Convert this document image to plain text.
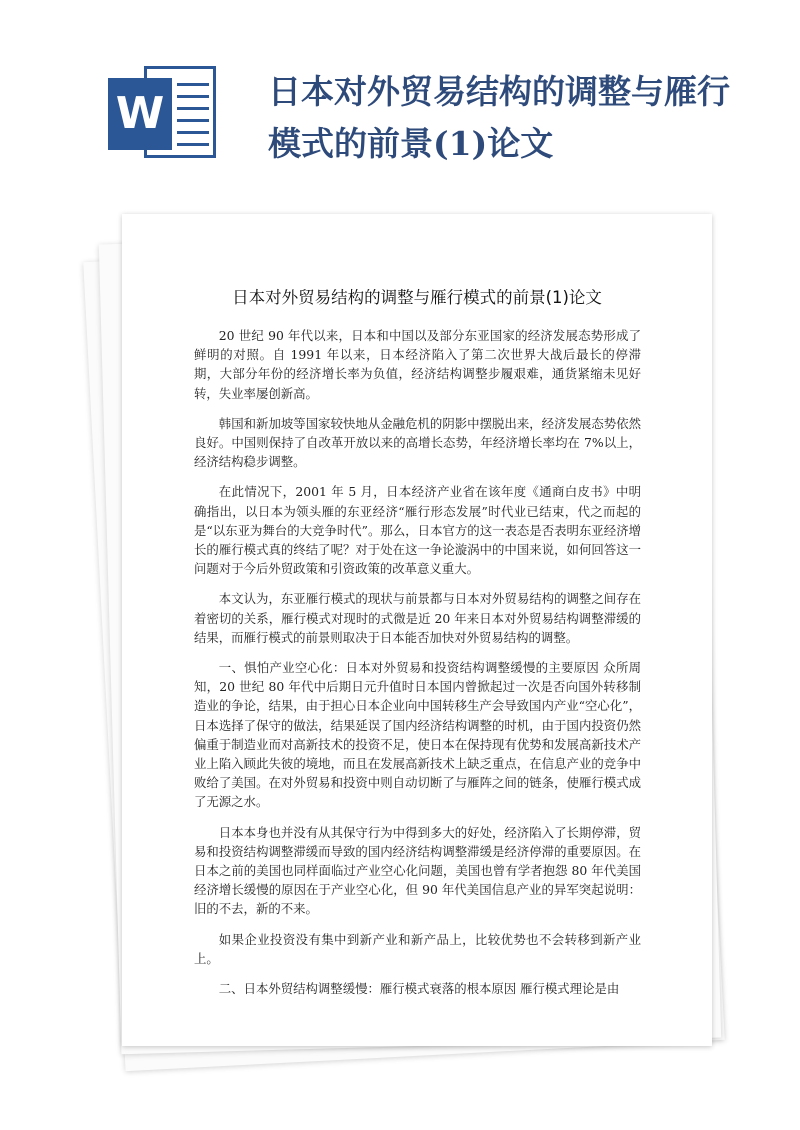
W	日本对外贸易结构的调整与雁行模式的前景(1)论文
日本对外贸易结构的调整与雁行模式的前景(1)论文

20 世纪 90 年代以来，日本和中国以及部分东亚国家的经济发展态势形成了鲜明的对照。自 1991 年以来，日本经济陷入了第二次世界大战后最长的停滞期，大部分年份的经济增长率为负值，经济结构调整步履艰难，通货紧缩未见好转，失业率屡创新高。

韩国和新加坡等国家较快地从金融危机的阴影中摆脱出来，经济发展态势依然良好。中国则保持了自改革开放以来的高增长态势，年经济增长率均在 7%以上，经济结构稳步调整。

在此情况下，2001 年 5 月，日本经济产业省在该年度《通商白皮书》中明确指出，以日本为领头雁的东亚经济“雁行形态发展”时代业已结束，代之而起的是“以东亚为舞台的大竞争时代”。那么，日本官方的这一表态是否表明东亚经济增长的雁行模式真的终结了呢？对于处在这一争论漩涡中的中国来说，如何回答这一问题对于今后外贸政策和引资政策的改革意义重大。

本文认为，东亚雁行模式的现状与前景都与日本对外贸易结构的调整之间存在着密切的关系，雁行模式对现时的式微是近 20 年来日本对外贸易结构调整滞缓的结果，而雁行模式的前景则取决于日本能否加快对外贸易结构的调整。

一、惧怕产业空心化：日本对外贸易和投资结构调整缓慢的主要原因 众所周知，20 世纪 80 年代中后期日元升值时日本国内曾掀起过一次是否向国外转移制造业的争论，结果，由于担心日本企业向中国转移生产会导致国内产业“空心化”，日本选择了保守的做法，结果延误了国内经济结构调整的时机，由于国内投资仍然偏重于制造业而对高新技术的投资不足，使日本在保持现有优势和发展高新技术产业上陷入顾此失彼的境地，而且在发展高新技术上缺乏重点，在信息产业的竞争中败给了美国。在对外贸易和投资中则自动切断了与雁阵之间的链条，使雁行模式成了无源之水。

日本本身也并没有从其保守行为中得到多大的好处，经济陷入了长期停滞，贸易和投资结构调整滞缓而导致的国内经济结构调整滞缓是经济停滞的重要原因。在日本之前的美国也同样面临过产业空心化问题，美国也曾有学者抱怨 80 年代美国经济增长缓慢的原因在于产业空心化，但 90 年代美国信息产业的异军突起说明：旧的不去，新的不来。

如果企业投资没有集中到新产业和新产品上，比较优势也不会转移到新产业上。

二、日本外贸结构调整缓慢：雁行模式衰落的根本原因 雁行模式理论是由
